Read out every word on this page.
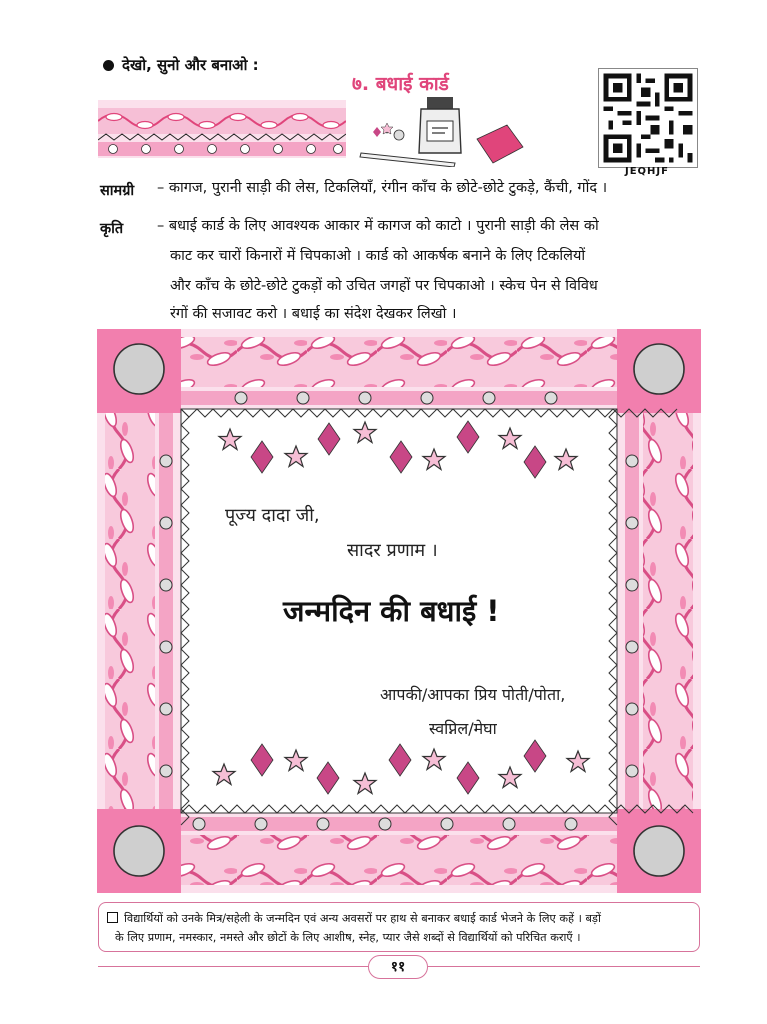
देखो, सुनो और बनाओ :
७. बधाई कार्ड
JEQHJF
सामग्री – कागज, पुरानी साड़ी की लेस, टिकलियाँ, रंगीन काँच के छोटे-छोटे टुकड़े, कैंची, गोंद ।
कृति – बधाई कार्ड के लिए आवश्यक आकार में कागज को काटो । पुरानी साड़ी की लेस को
काट कर चारों किनारों में चिपकाओ । कार्ड को आकर्षक बनाने के लिए टिकलियों
और काँच के छोटे-छोटे टुकड़ों को उचित जगहों पर चिपकाओ । स्केच पेन से विविध
रंगों की सजावट करो । बधाई का संदेश देखकर लिखो ।
पूज्य दादा जी,
सादर प्रणाम ।
जन्मदिन की बधाई !
आपकी/आपका प्रिय पोती/पोता,
स्वप्निल/मेघा
विद्यार्थियों को उनके मित्र/सहेली के जन्मदिन एवं अन्य अवसरों पर हाथ से बनाकर बधाई कार्ड भेजने के लिए कहें । बड़ों
के लिए प्रणाम, नमस्कार, नमस्ते और छोटों के लिए आशीष, स्नेह, प्यार जैसे शब्दों से विद्यार्थियों को परिचित कराएँ ।
११
